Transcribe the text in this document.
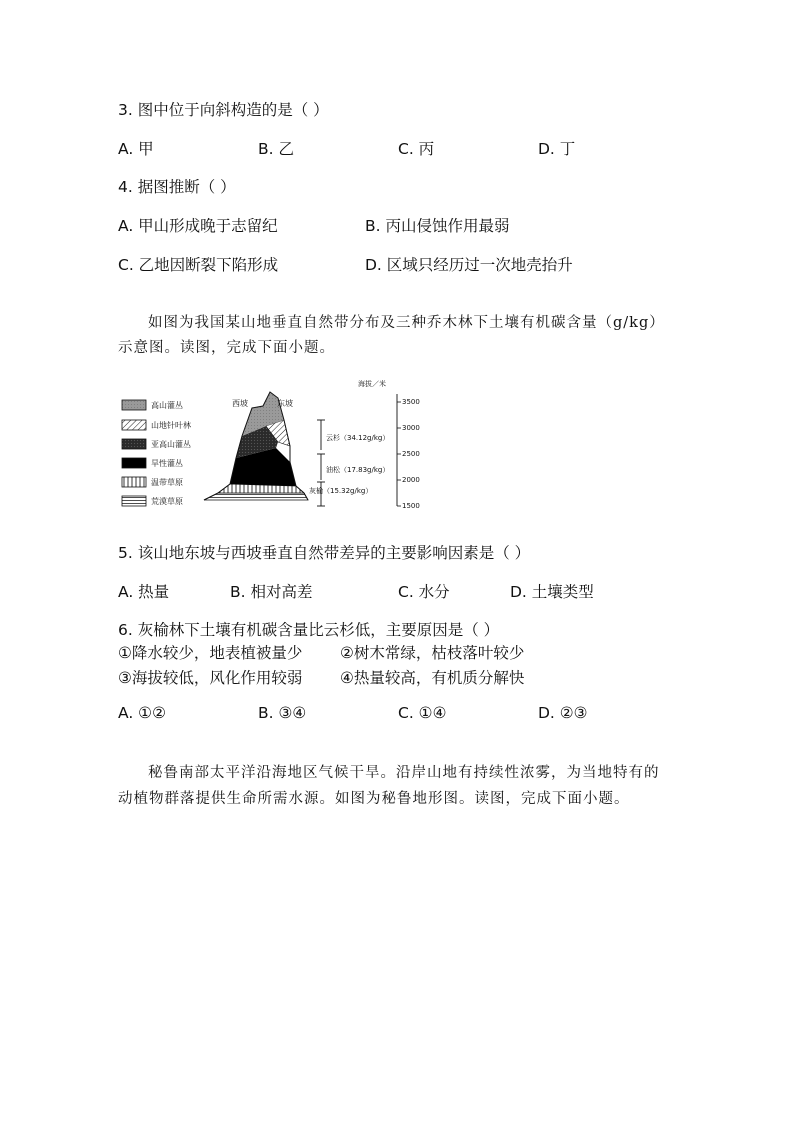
3. 图中位于向斜构造的是（ ）
A. 甲	B. 乙	C. 丙	D. 丁
4. 据图推断（ ）
A. 甲山形成晚于志留纪	B. 丙山侵蚀作用最弱
C. 乙地因断裂下陷形成	D. 区域只经历过一次地壳抬升
如图为我国某山地垂直自然带分布及三种乔木林下土壤有机碳含量（g/kg）
示意图。读图，完成下面小题。
高山灌丛
山地针叶林
亚高山灌丛
旱性灌丛
温带草原
荒漠草原
西坡	东坡
云杉（34.12g/kg）
油松（17.83g/kg）
灰榆（15.32g/kg）
海拔／米
3500
3000
2500
2000
1500
5. 该山地东坡与西坡垂直自然带差异的主要影响因素是（ ）
A. 热量	B. 相对高差	C. 水分	D. 土壤类型
6. 灰榆林下土壤有机碳含量比云杉低，主要原因是（ ）
①降水较少，地表植被量少 ②树木常绿，枯枝落叶较少
③海拔较低，风化作用较弱 ④热量较高，有机质分解快
A. ①②	B. ③④	C. ①④	D. ②③
秘鲁南部太平洋沿海地区气候干旱。沿岸山地有持续性浓雾，为当地特有的
动植物群落提供生命所需水源。如图为秘鲁地形图。读图，完成下面小题。
